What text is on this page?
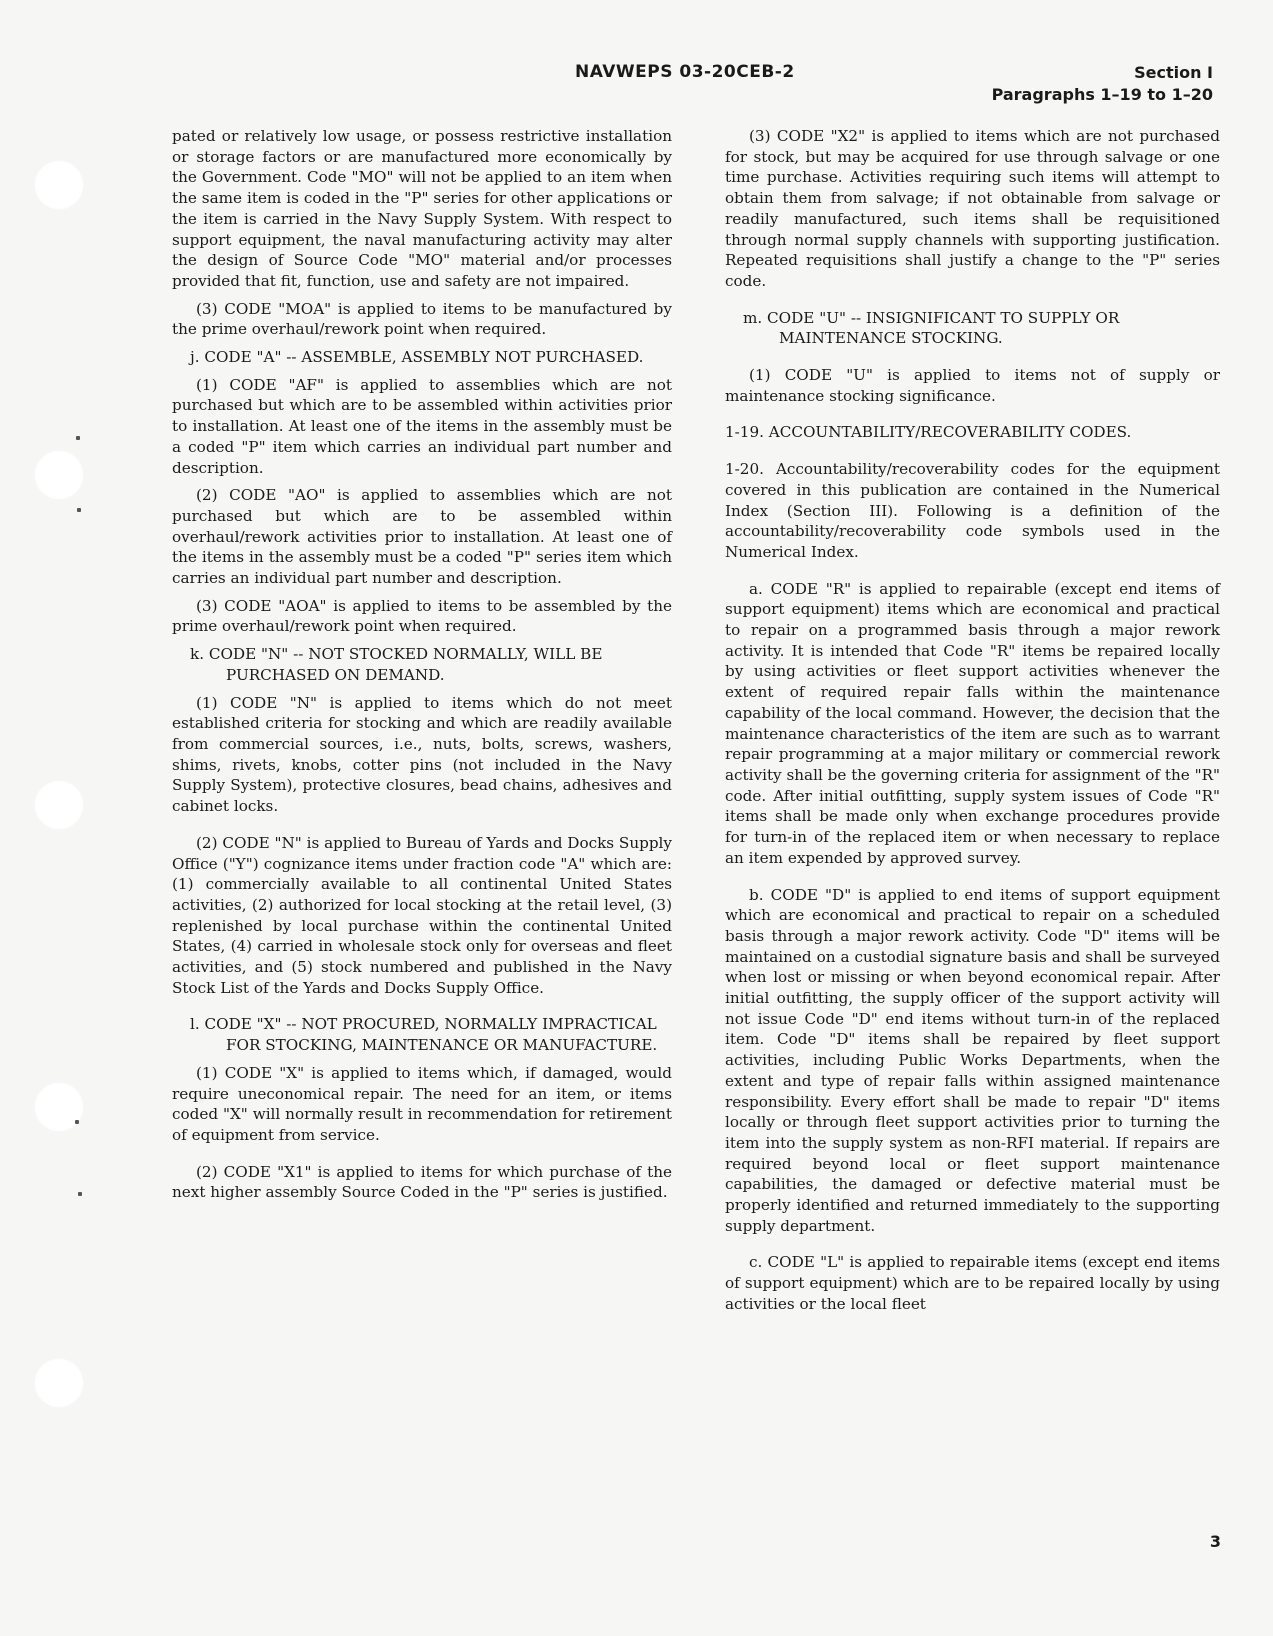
NAVWEPS 03-20CEB-2	Section I
Paragraphs 1–19 to 1–20

pated or relatively low usage, or possess restrictive installation or storage factors or are manufactured more economically by the Government. Code "MO" will not be applied to an item when the same item is coded in the "P" series for other applications or the item is carried in the Navy Supply System. With respect to support equipment, the naval manufacturing activity may alter the design of Source Code "MO" material and/or processes provided that fit, function, use and safety are not impaired.

(3) CODE "MOA" is applied to items to be manufactured by the prime overhaul/rework point when required.

j. CODE "A" -- ASSEMBLE, ASSEMBLY NOT PURCHASED.

(1) CODE "AF" is applied to assemblies which are not purchased but which are to be assembled within activities prior to installation. At least one of the items in the assembly must be a coded "P" item which carries an individual part number and description.

(2) CODE "AO" is applied to assemblies which are not purchased but which are to be assembled within overhaul/rework activities prior to installation. At least one of the items in the assembly must be a coded "P" series item which carries an individual part number and description.

(3) CODE "AOA" is applied to items to be assembled by the prime overhaul/rework point when required.

k. CODE "N" -- NOT STOCKED NORMALLY, WILL BE PURCHASED ON DEMAND.

(1) CODE "N" is applied to items which do not meet established criteria for stocking and which are readily available from commercial sources, i.e., nuts, bolts, screws, washers, shims, rivets, knobs, cotter pins (not included in the Navy Supply System), protective closures, bead chains, adhesives and cabinet locks.

(2) CODE "N" is applied to Bureau of Yards and Docks Supply Office ("Y") cognizance items under fraction code "A" which are: (1) commercially available to all continental United States activities, (2) authorized for local stocking at the retail level, (3) replenished by local purchase within the continental United States, (4) carried in wholesale stock only for overseas and fleet activities, and (5) stock numbered and published in the Navy Stock List of the Yards and Docks Supply Office.

l. CODE "X" -- NOT PROCURED, NORMALLY IMPRACTICAL FOR STOCKING, MAINTENANCE OR MANUFACTURE.

(1) CODE "X" is applied to items which, if damaged, would require uneconomical repair. The need for an item, or items coded "X" will normally result in recommendation for retirement of equipment from service.

(2) CODE "X1" is applied to items for which purchase of the next higher assembly Source Coded in the "P" series is justified.

(3) CODE "X2" is applied to items which are not purchased for stock, but may be acquired for use through salvage or one time purchase. Activities requiring such items will attempt to obtain them from salvage; if not obtainable from salvage or readily manufactured, such items shall be requisitioned through normal supply channels with supporting justification. Repeated requisitions shall justify a change to the "P" series code.

m. CODE "U" -- INSIGNIFICANT TO SUPPLY OR MAINTENANCE STOCKING.

(1) CODE "U" is applied to items not of supply or maintenance stocking significance.

1-19. ACCOUNTABILITY/RECOVERABILITY CODES.

1-20. Accountability/recoverability codes for the equipment covered in this publication are contained in the Numerical Index (Section III). Following is a definition of the accountability/recoverability code symbols used in the Numerical Index.

a. CODE "R" is applied to repairable (except end items of support equipment) items which are economical and practical to repair on a programmed basis through a major rework activity. It is intended that Code "R" items be repaired locally by using activities or fleet support activities whenever the extent of required repair falls within the maintenance capability of the local command. However, the decision that the maintenance characteristics of the item are such as to warrant repair programming at a major military or commercial rework activity shall be the governing criteria for assignment of the "R" code. After initial outfitting, supply system issues of Code "R" items shall be made only when exchange procedures provide for turn-in of the replaced item or when necessary to replace an item expended by approved survey.

b. CODE "D" is applied to end items of support equipment which are economical and practical to repair on a scheduled basis through a major rework activity. Code "D" items will be maintained on a custodial signature basis and shall be surveyed when lost or missing or when beyond economical repair. After initial outfitting, the supply officer of the support activity will not issue Code "D" end items without turn-in of the replaced item. Code "D" items shall be repaired by fleet support activities, including Public Works Departments, when the extent and type of repair falls within assigned maintenance responsibility. Every effort shall be made to repair "D" items locally or through fleet support activities prior to turning the item into the supply system as non-RFI material. If repairs are required beyond local or fleet support maintenance capabilities, the damaged or defective material must be properly identified and returned immediately to the supporting supply department.

c. CODE "L" is applied to repairable items (except end items of support equipment) which are to be repaired locally by using activities or the local fleet

3
